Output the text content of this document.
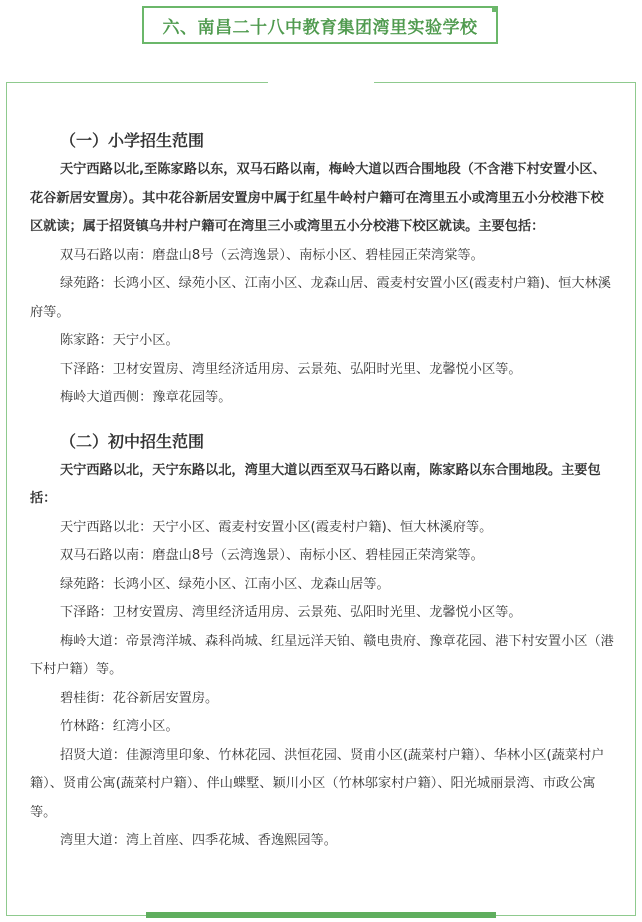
六、南昌二十八中教育集团湾里实验学校
（一）小学招生范围

天宁西路以北,至陈家路以东，双马石路以南，梅岭大道以西合围地段（不含港下村安置小区、花谷新居安置房）。其中花谷新居安置房中属于红星牛岭村户籍可在湾里五小或湾里五小分校港下校区就读；属于招贤镇乌井村户籍可在湾里三小或湾里五小分校港下校区就读。主要包括：

双马石路以南：磨盘山8号（云湾逸景）、南标小区、碧桂园正荣湾棠等。

绿苑路：长鸿小区、绿苑小区、江南小区、龙森山居、霞麦村安置小区(霞麦村户籍)、恒大林溪府等。

陈家路：天宁小区。

下泽路：卫材安置房、湾里经济适用房、云景苑、弘阳时光里、龙馨悦小区等。

梅岭大道西侧：豫章花园等。

（二）初中招生范围

天宁西路以北，天宁东路以北，湾里大道以西至双马石路以南，陈家路以东合围地段。主要包括：

天宁西路以北：天宁小区、霞麦村安置小区(霞麦村户籍)、恒大林溪府等。

双马石路以南：磨盘山8号（云湾逸景）、南标小区、碧桂园正荣湾棠等。

绿苑路：长鸿小区、绿苑小区、江南小区、龙森山居等。

下泽路：卫材安置房、湾里经济适用房、云景苑、弘阳时光里、龙馨悦小区等。

梅岭大道：帝景湾洋城、森科尚城、红星远洋天铂、赣电贵府、豫章花园、港下村安置小区（港下村户籍）等。

碧桂街：花谷新居安置房。

竹林路：红湾小区。

招贤大道：佳源湾里印象、竹林花园、洪恒花园、贤甫小区(蔬菜村户籍）、华林小区(蔬菜村户籍）、贤甫公寓(蔬菜村户籍）、伴山蝶墅、颖川小区（竹林邬家村户籍）、阳光城丽景湾、市政公寓等。

湾里大道：湾上首座、四季花城、香逸熙园等。
